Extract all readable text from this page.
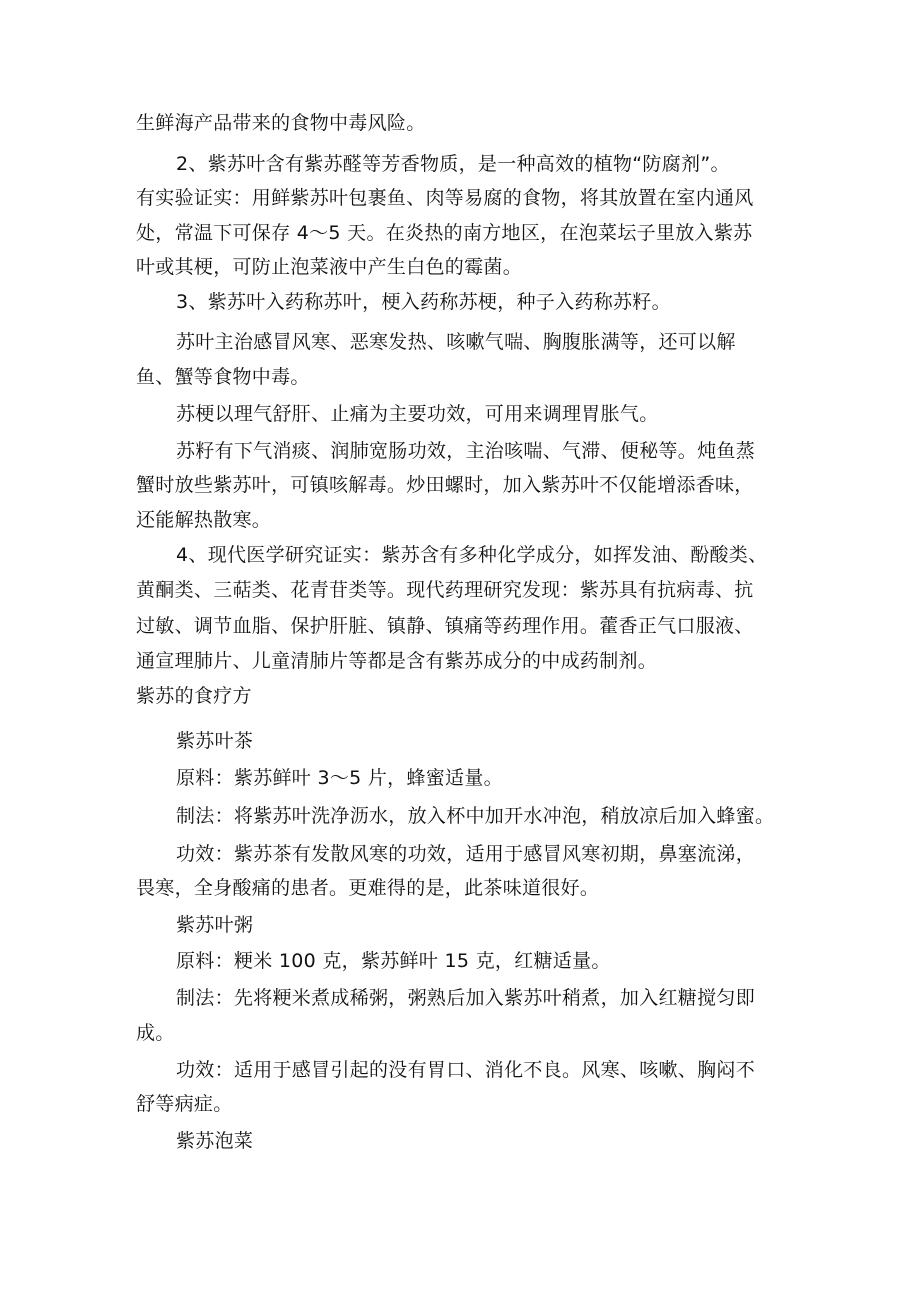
生鲜海产品带来的食物中毒风险。
2、紫苏叶含有紫苏醛等芳香物质，是一种高效的植物“防腐剂”。
有实验证实：用鲜紫苏叶包裹鱼、肉等易腐的食物，将其放置在室内通风
处，常温下可保存 4～5 天。在炎热的南方地区，在泡菜坛子里放入紫苏
叶或其梗，可防止泡菜液中产生白色的霉菌。
3、紫苏叶入药称苏叶，梗入药称苏梗，种子入药称苏籽。
苏叶主治感冒风寒、恶寒发热、咳嗽气喘、胸腹胀满等，还可以解
鱼、蟹等食物中毒。
苏梗以理气舒肝、止痛为主要功效，可用来调理胃胀气。
苏籽有下气消痰、润肺宽肠功效，主治咳喘、气滞、便秘等。炖鱼蒸
蟹时放些紫苏叶，可镇咳解毒。炒田螺时，加入紫苏叶不仅能增添香味，
还能解热散寒。
4、现代医学研究证实：紫苏含有多种化学成分，如挥发油、酚酸类、
黄酮类、三萜类、花青苷类等。现代药理研究发现：紫苏具有抗病毒、抗
过敏、调节血脂、保护肝脏、镇静、镇痛等药理作用。藿香正气口服液、
通宣理肺片、儿童清肺片等都是含有紫苏成分的中成药制剂。
紫苏的食疗方
紫苏叶茶
原料：紫苏鲜叶 3～5 片，蜂蜜适量。
制法：将紫苏叶洗净沥水，放入杯中加开水冲泡，稍放凉后加入蜂蜜。
功效：紫苏茶有发散风寒的功效，适用于感冒风寒初期，鼻塞流涕，
畏寒，全身酸痛的患者。更难得的是，此茶味道很好。
紫苏叶粥
原料：粳米 100 克，紫苏鲜叶 15 克，红糖适量。
制法：先将粳米煮成稀粥，粥熟后加入紫苏叶稍煮，加入红糖搅匀即
成。
功效：适用于感冒引起的没有胃口、消化不良。风寒、咳嗽、胸闷不
舒等病症。
紫苏泡菜
